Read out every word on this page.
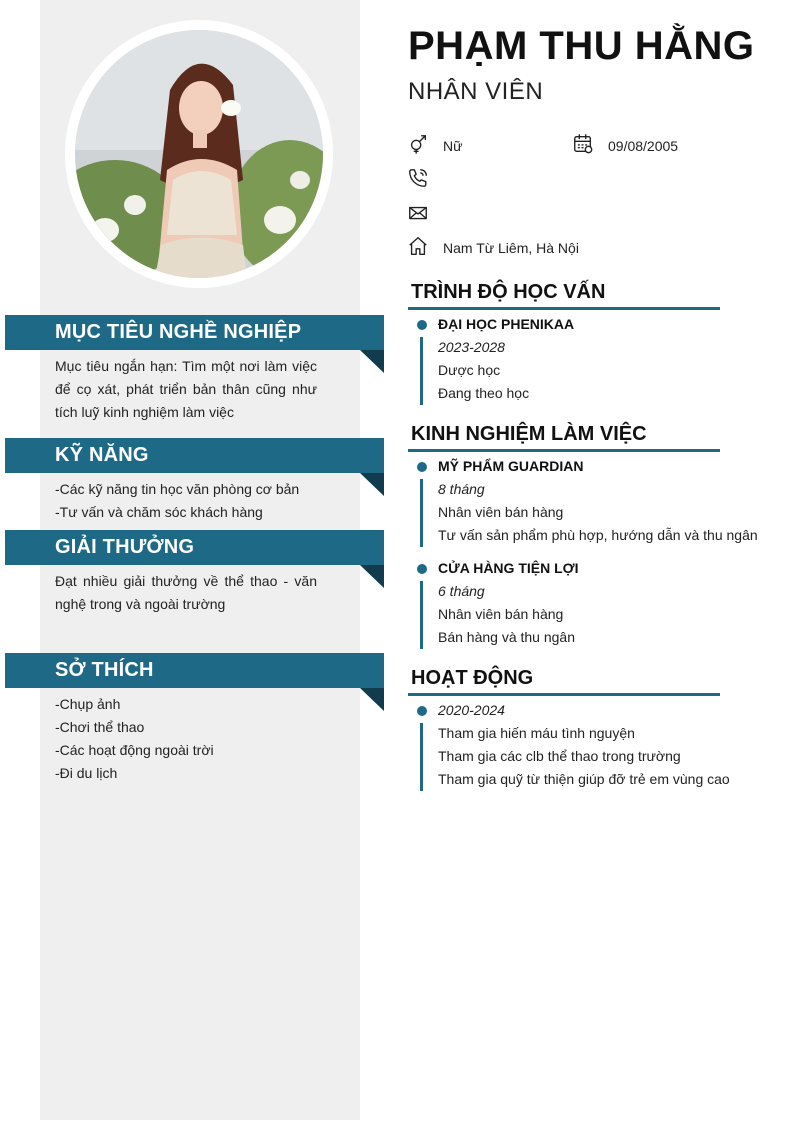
MỤC TIÊU NGHỀ NGHIỆP
Mục tiêu ngắn hạn: Tìm một nơi làm việc để cọ xát, phát triển bản thân cũng như tích luỹ kinh nghiệm làm việc
KỸ NĂNG
-Các kỹ năng tin học văn phòng cơ bản
-Tư vấn và chăm sóc khách hàng
GIẢI THƯỞNG
Đạt nhiều giải thưởng về thể thao - văn nghệ trong và ngoài trường
SỞ THÍCH
-Chụp ảnh
-Chơi thể thao
-Các hoạt động ngoài trời
-Đi du lịch
PHẠM THU HẰNG
NHÂN VIÊN
Nữ	09/08/2005
Nam Từ Liêm, Hà Nội
TRÌNH ĐỘ HỌC VẤN
ĐẠI HỌC PHENIKAA
2023-2028
Dược học
Đang theo học
KINH NGHIỆM LÀM VIỆC
MỸ PHẨM GUARDIAN
8 tháng
Nhân viên bán hàng
Tư vấn sản phẩm phù hợp, hướng dẫn và thu ngân
CỬA HÀNG TIỆN LỢI
6 tháng
Nhân viên bán hàng
Bán hàng và thu ngân
HOẠT ĐỘNG
2020-2024
Tham gia hiến máu tình nguyện
Tham gia các clb thể thao trong trường
Tham gia quỹ từ thiện giúp đỡ trẻ em vùng cao
